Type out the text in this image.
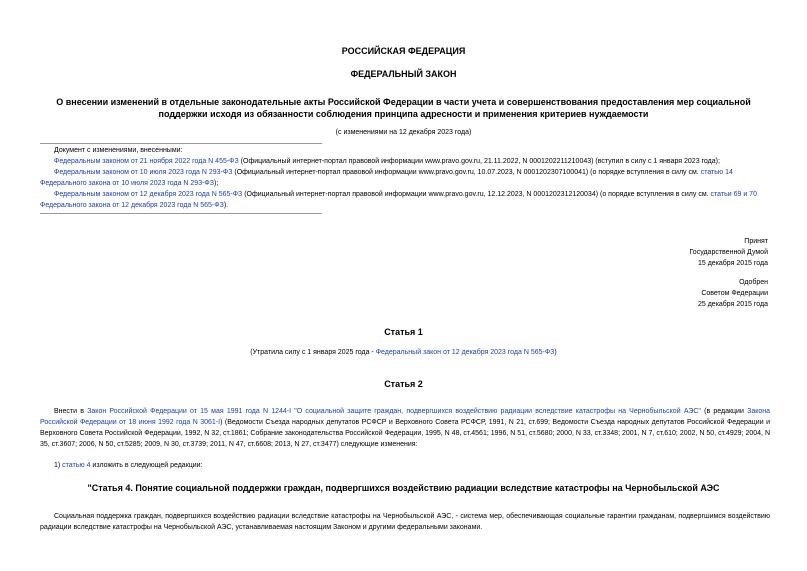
РОССИЙСКАЯ ФЕДЕРАЦИЯ
ФЕДЕРАЛЬНЫЙ ЗАКОН
О внесении изменений в отдельные законодательные акты Российской Федерации в части учета и совершенствования предоставления мер социальной
поддержки исходя из обязанности соблюдения принципа адресности и применения критериев нуждаемости
(с изменениями на 12 декабря 2023 года)
Документ с изменениями, внесенными:
Федеральным законом от 21 ноября 2022 года N 455-ФЗ (Официальный интернет-портал правовой информации www.pravo.gov.ru, 21.11.2022, N 0001202211210043) (вступил в силу с 1 января 2023 года);
Федеральным законом от 10 июля 2023 года N 293-ФЗ (Официальный интернет-портал правовой информации www.pravo.gov.ru, 10.07.2023, N 0001202307100041) (о порядке вступления в силу см. статью 14 Федерального закона от 10 июля 2023 года N 293-ФЗ);
Федеральным законом от 12 декабря 2023 года N 565-ФЗ (Официальный интернет-портал правовой информации www.pravo.gov.ru, 12.12.2023, N 0001202312120034) (о порядке вступления в силу см. статьи 69 и 70 Федерального закона от 12 декабря 2023 года N 565-ФЗ).
Принят
Государственной Думой
15 декабря 2015 года
Одобрен
Советом Федерации
25 декабря 2015 года
Статья 1
(Утратила силу с 1 января 2025 года - Федеральный закон от 12 декабря 2023 года N 565-ФЗ)
Статья 2
Внести в Закон Российской Федерации от 15 мая 1991 года N 1244-I "О социальной защите граждан, подвергшихся воздействию радиации вследствие катастрофы на Чернобыльской АЭС" (в редакции Закона Российской Федерации от 18 июня 1992 года N 3061-I) (Ведомости Съезда народных депутатов РСФСР и Верховного Совета РСФСР, 1991, N 21, ст.699; Ведомости Съезда народных депутатов Российской Федерации и Верховного Совета Российской Федерации, 1992, N 32, ст.1861; Собрание законодательства Российской Федерации, 1995, N 48, ст.4561; 1996, N 51, ст.5680; 2000, N 33, ст.3348; 2001, N 7, ст.610; 2002, N 50, ст.4929; 2004, N 35, ст.3607; 2006, N 50, ст.5285; 2009, N 30, ст.3739; 2011, N 47, ст.6608; 2013, N 27, ст.3477) следующие изменения:
1) статью 4 изложить в следующей редакции:
"Статья 4. Понятие социальной поддержки граждан, подвергшихся воздействию радиации вследствие катастрофы на Чернобыльской АЭС
Социальная поддержка граждан, подвергшихся воздействию радиации вследствие катастрофы на Чернобыльской АЭС, - система мер, обеспечивающая социальные гарантии гражданам, подвергшимся воздействию радиации вследствие катастрофы на Чернобыльской АЭС, устанавливаемая настоящим Законом и другими федеральными законами.
